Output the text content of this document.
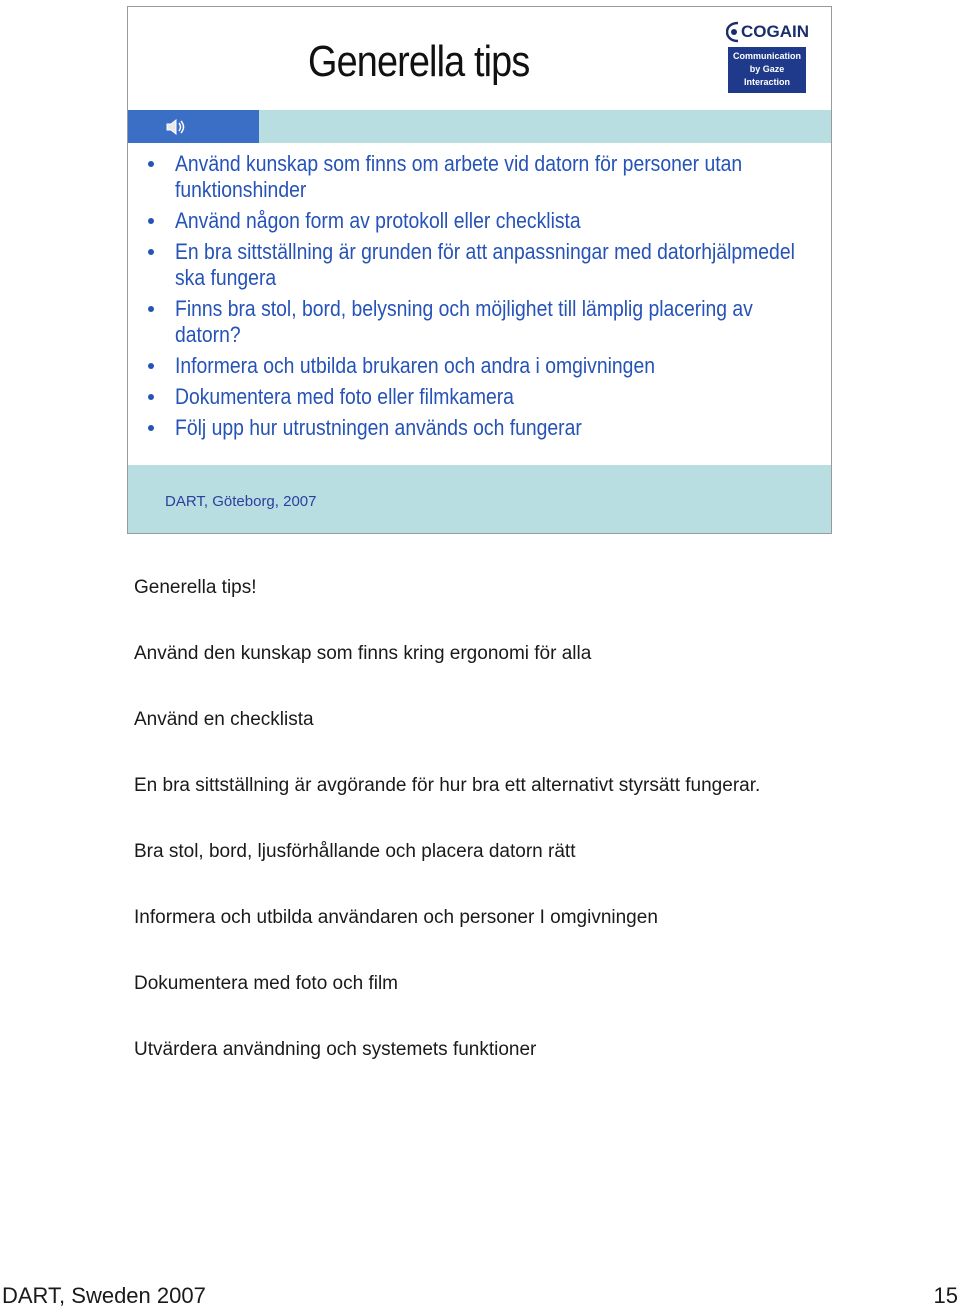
Generella tips
COGAIN
Communication
by Gaze
Interaction
Använd kunskap som finns om arbete vid datorn för personer utan funktionshinder
Använd någon form av protokoll eller checklista
En bra sittställning är grunden för att anpassningar med datorhjälpmedel ska fungera
Finns bra stol, bord, belysning och möjlighet till lämplig placering av datorn?
Informera och utbilda brukaren och andra i omgivningen
Dokumentera med foto eller filmkamera
Följ upp hur utrustningen används och fungerar
DART, Göteborg, 2007

Generella tips!

Använd den kunskap som finns kring ergonomi för alla

Använd en checklista

En bra sittställning är avgörande för hur bra ett alternativt styrsätt fungerar.

Bra stol, bord, ljusförhållande och placera datorn rätt

Informera och utbilda användaren och personer I omgivningen

Dokumentera med foto och film

Utvärdera användning och systemets funktioner

DART, Sweden 2007	15
